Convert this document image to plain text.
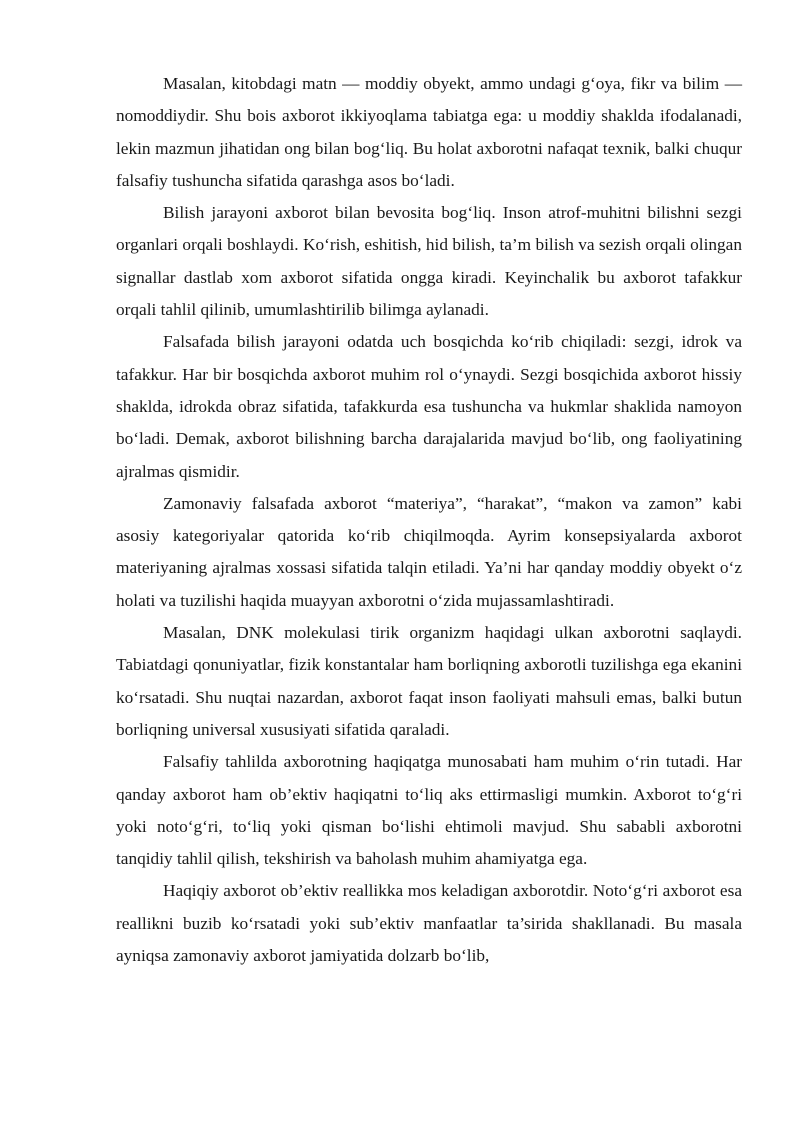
Masalan, kitobdagi matn — moddiy obyekt, ammo undagi g‘oya, fikr va bilim — nomoddiydir. Shu bois axborot ikkiyoqlama tabiatga ega: u moddiy shaklda ifodalanadi, lekin mazmun jihatidan ong bilan bog‘liq. Bu holat axborotni nafaqat texnik, balki chuqur falsafiy tushuncha sifatida qarashga asos bo‘ladi.

Bilish jarayoni axborot bilan bevosita bog‘liq. Inson atrof-muhitni bilishni sezgi organlari orqali boshlaydi. Ko‘rish, eshitish, hid bilish, ta’m bilish va sezish orqali olingan signallar dastlab xom axborot sifatida ongga kiradi. Keyinchalik bu axborot tafakkur orqali tahlil qilinib, umumlashtirilib bilimga aylanadi.

Falsafada bilish jarayoni odatda uch bosqichda ko‘rib chiqiladi: sezgi, idrok va tafakkur. Har bir bosqichda axborot muhim rol o‘ynaydi. Sezgi bosqichida axborot hissiy shaklda, idrokda obraz sifatida, tafakkurda esa tushuncha va hukmlar shaklida namoyon bo‘ladi. Demak, axborot bilishning barcha darajalarida mavjud bo‘lib, ong faoliyatining ajralmas qismidir.

Zamonaviy falsafada axborot “materiya”, “harakat”, “makon va zamon” kabi asosiy kategoriyalar qatorida ko‘rib chiqilmoqda. Ayrim konsepsiyalarda axborot materiyaning ajralmas xossasi sifatida talqin etiladi. Ya’ni har qanday moddiy obyekt o‘z holati va tuzilishi haqida muayyan axborotni o‘zida mujassamlashtiradi.

Masalan, DNK molekulasi tirik organizm haqidagi ulkan axborotni saqlaydi. Tabiatdagi qonuniyatlar, fizik konstantalar ham borliqning axborotli tuzilishga ega ekanini ko‘rsatadi. Shu nuqtai nazardan, axborot faqat inson faoliyati mahsuli emas, balki butun borliqning universal xususiyati sifatida qaraladi.

Falsafiy tahlilda axborotning haqiqatga munosabati ham muhim o‘rin tutadi. Har qanday axborot ham ob’ektiv haqiqatni to‘liq aks ettirmasligi mumkin. Axborot to‘g‘ri yoki noto‘g‘ri, to‘liq yoki qisman bo‘lishi ehtimoli mavjud. Shu sababli axborotni tanqidiy tahlil qilish, tekshirish va baholash muhim ahamiyatga ega.

Haqiqiy axborot ob’ektiv reallikka mos keladigan axborotdir. Noto‘g‘ri axborot esa reallikni buzib ko‘rsatadi yoki sub’ektiv manfaatlar ta’sirida shakllanadi. Bu masala ayniqsa zamonaviy axborot jamiyatida dolzarb bo‘lib,
